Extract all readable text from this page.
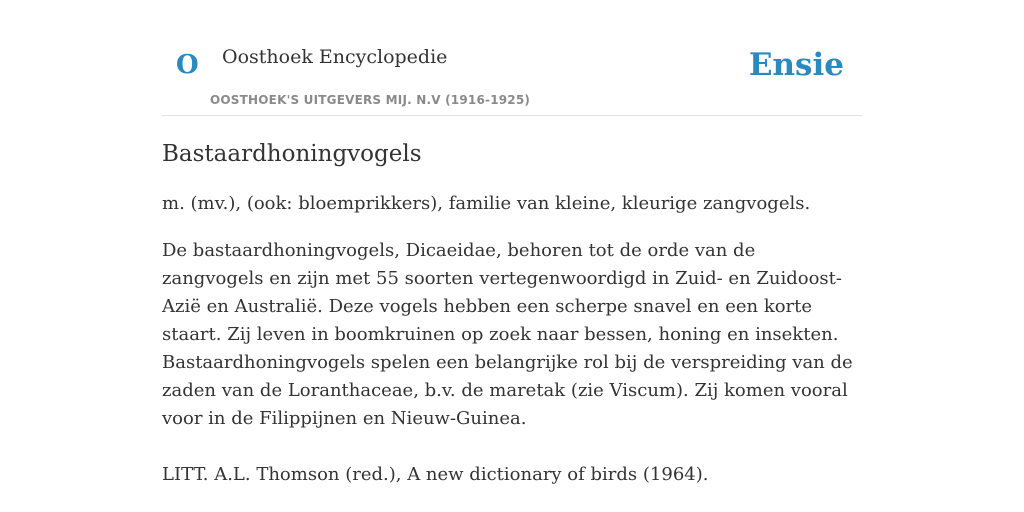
O Oosthoek Encyclopedie
OOSTHOEK'S UITGEVERS MIJ. N.V (1916-1925)
Ensie
Bastaardhoningvogels

m. (mv.), (ook: bloemprikkers), familie van kleine, kleurige zangvogels.

De bastaardhoningvogels, Dicaeidae, behoren tot de orde van de zangvogels en zijn met 55 soorten vertegenwoordigd in Zuid- en Zuidoost-Azië en Australië. Deze vogels hebben een scherpe snavel en een korte staart. Zij leven in boomkruinen op zoek naar bessen, honing en insekten. Bastaardhoningvogels spelen een belangrijke rol bij de verspreiding van de zaden van de Loranthaceae, b.v. de maretak (zie Viscum). Zij komen vooral voor in de Filippijnen en Nieuw-Guinea.

LITT. A.L. Thomson (red.), A new dictionary of birds (1964).
